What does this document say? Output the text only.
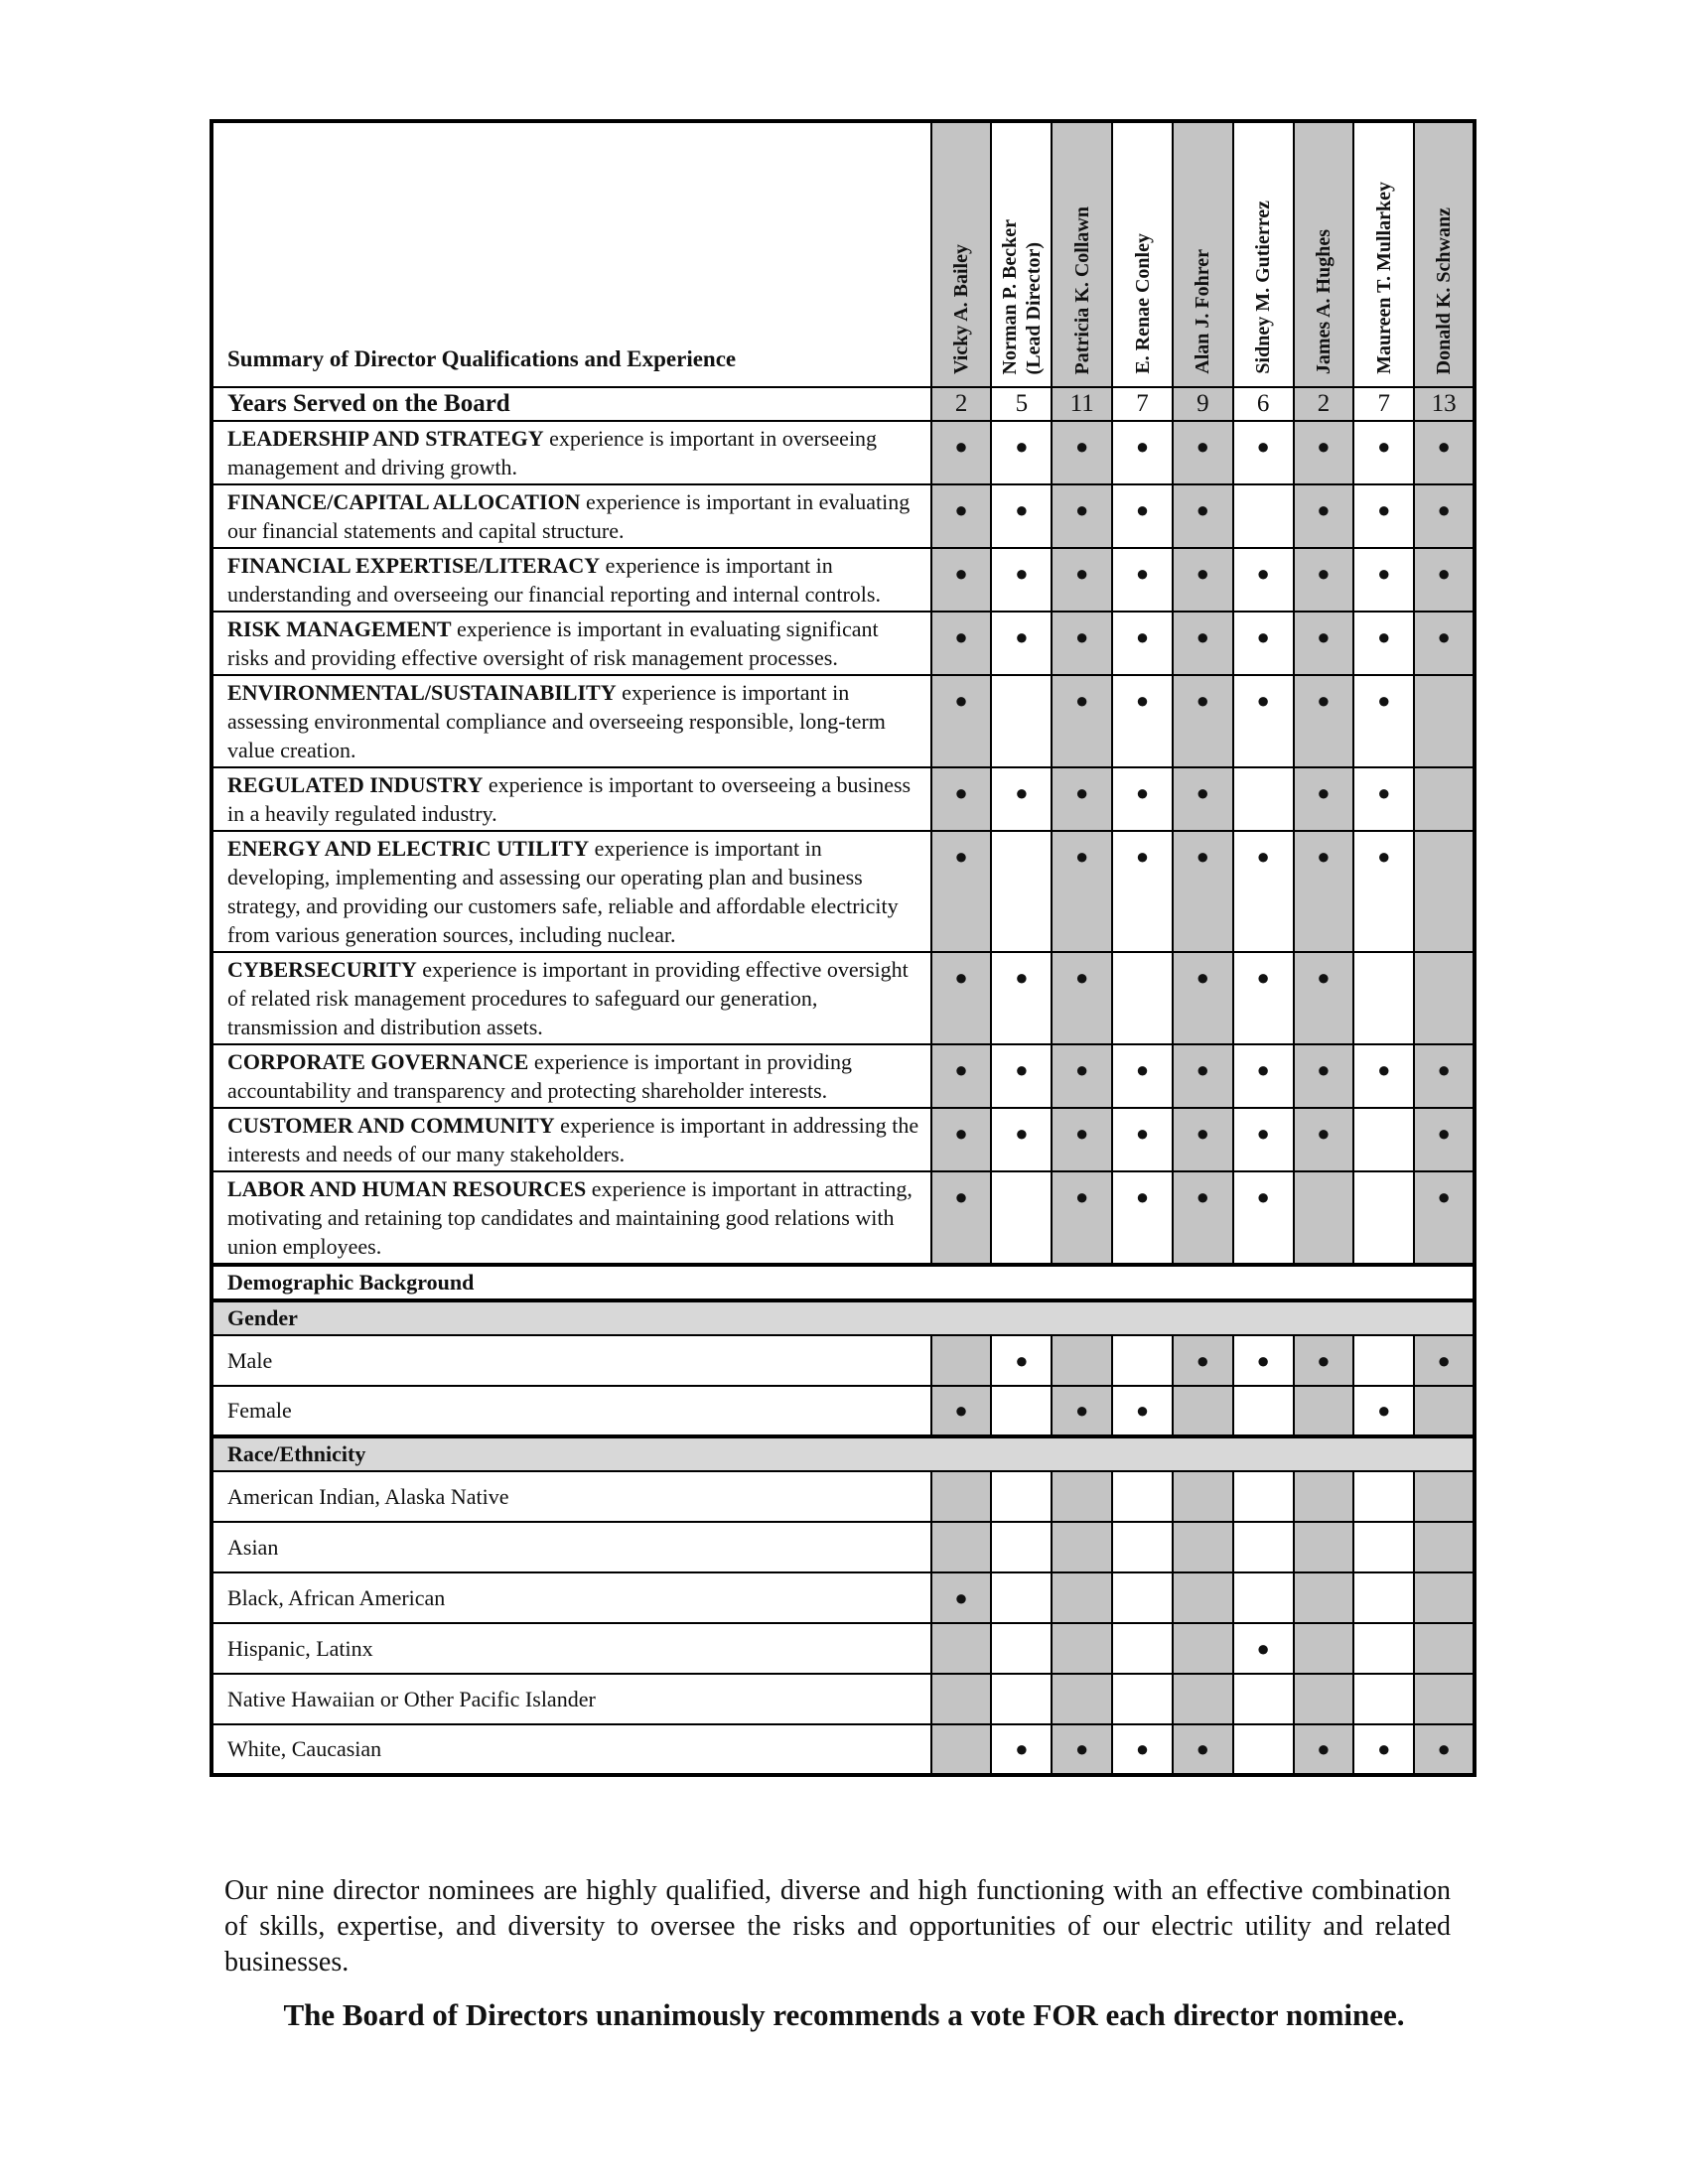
Summary of Director Qualifications and Experience	Vicky A. Bailey	Norman P. Becker (Lead Director)	Patricia K. Collawn	E. Renae Conley	Alan J. Fohrer	Sidney M. Gutierrez	James A. Hughes	Maureen T. Mullarkey	Donald K. Schwanz

Years Served on the Board	2	5	11	7	9	6	2	7	13
LEADERSHIP AND STRATEGY experience is important in overseeing management and driving growth.	●	●	●	●	●	●	●	●	●
FINANCE/CAPITAL ALLOCATION experience is important in evaluating our financial statements and capital structure.	●	●	●	●	●		●	●	●
FINANCIAL EXPERTISE/LITERACY experience is important in understanding and overseeing our financial reporting and internal controls.	●	●	●	●	●	●	●	●	●
RISK MANAGEMENT experience is important in evaluating significant risks and providing effective oversight of risk management processes.	●	●	●	●	●	●	●	●	●
ENVIRONMENTAL/SUSTAINABILITY experience is important in assessing environmental compliance and overseeing responsible, long-term value creation.	●		●	●	●	●	●	●	
REGULATED INDUSTRY experience is important to overseeing a business in a heavily regulated industry.	●	●	●	●	●		●	●	
ENERGY AND ELECTRIC UTILITY experience is important in developing, implementing and assessing our operating plan and business strategy, and providing our customers safe, reliable and affordable electricity from various generation sources, including nuclear.	●		●	●	●	●	●	●	
CYBERSECURITY experience is important in providing effective oversight of related risk management procedures to safeguard our generation, transmission and distribution assets.	●	●	●		●	●	●		
CORPORATE GOVERNANCE experience is important in providing accountability and transparency and protecting shareholder interests.	●	●	●	●	●	●	●	●	●
CUSTOMER AND COMMUNITY experience is important in addressing the interests and needs of our many stakeholders.	●	●	●	●	●	●	●		●
LABOR AND HUMAN RESOURCES experience is important in attracting, motivating and retaining top candidates and maintaining good relations with union employees.	●		●	●	●	●			●
Demographic Background									
Gender									
Male		●			●	●	●		●
Female	●		●	●				●	
Race/Ethnicity									
American Indian, Alaska Native									
Asian									
Black, African American	●								
Hispanic, Latinx						●			
Native Hawaiian or Other Pacific Islander									
White, Caucasian		●	●	●	●		●	●	●

Our nine director nominees are highly qualified, diverse and high functioning with an effective combination of skills, expertise, and diversity to oversee the risks and opportunities of our electric utility and related businesses.

The Board of Directors unanimously recommends a vote FOR each director nominee.
